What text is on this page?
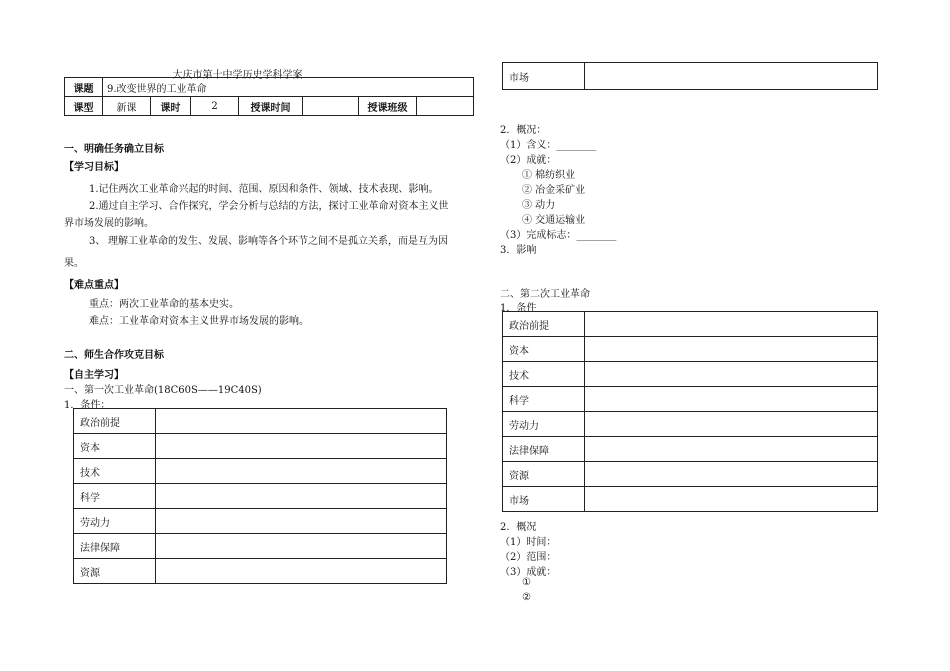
大庆市第十中学历史学科学案
课题	9.改变世界的工业革命						
课型	新课	课时	2	授课时间		授课班级	
一、明确任务确立目标
【学习目标】
1.记住两次工业革命兴起的时间、范围、原因和条件、领域、技术表现、影响。
2.通过自主学习、合作探究，学会分析与总结的方法，探讨工业革命对资本主义世
界市场发展的影响。
3、 理解工业革命的发生、发展、影响等各个环节之间不是孤立关系，而是互为因
果。
【难点重点】
重点：两次工业革命的基本史实。
难点：工业革命对资本主义世界市场发展的影响。
二、师生合作攻克目标
【自主学习】
一、第一次工业革命(18C60S——19C40S)
1．条件：
政治前提	
资本	
技术	
科学	
劳动力	
法律保障	
资源	
市场	
2．概况：
（1）含义：________
（2）成就：
① 棉纺织业
② 冶金采矿业
③ 动力
④ 交通运输业
（3）完成标志：________
3．影响
二、第二次工业革命
1．条件
政治前提	
资本	
技术	
科学	
劳动力	
法律保障	
资源	
市场	
2．概况
（1）时间：
（2）范围：
（3）成就：
①
②
